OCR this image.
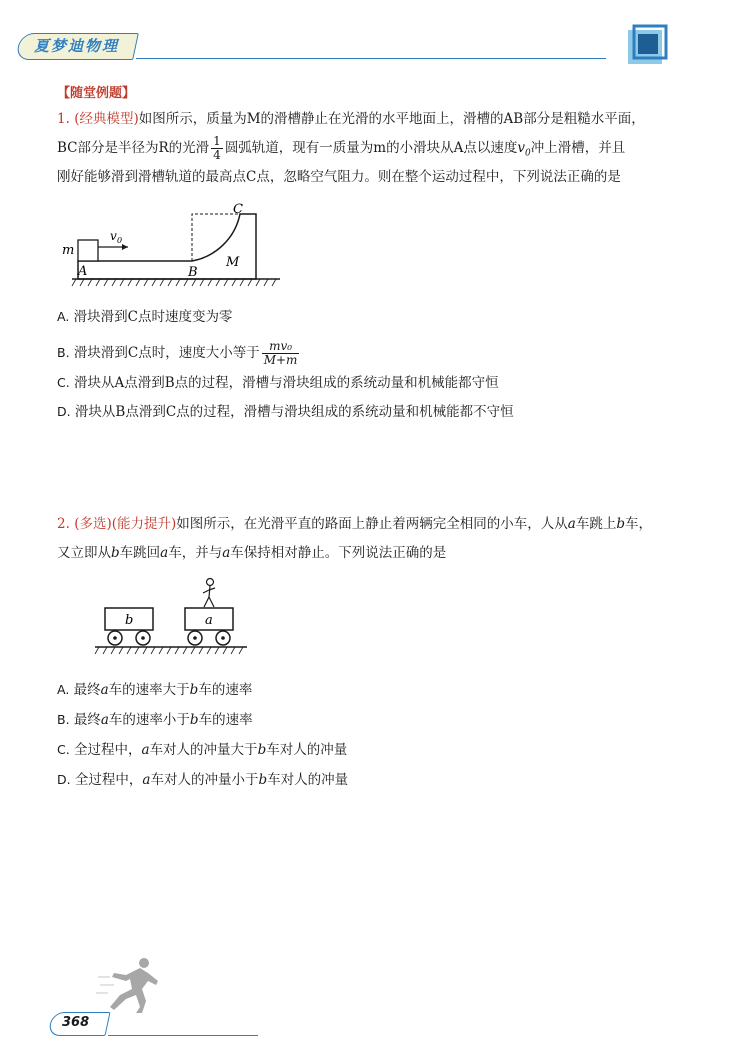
夏梦迪物理
【随堂例题】
1. (经典模型)如图所示，质量为M的滑槽静止在光滑的水平地面上，滑槽的AB部分是粗糙水平面，
BC部分是半径为R的光滑 $\frac{1}{4}$ 圆弧轨道，现有一质量为m的小滑块从A点以速度$v_0$冲上滑槽，并且
刚好能够滑到滑槽轨道的最高点C点，忽略空气阻力。则在整个运动过程中，下列说法正确的是
m
v 0
A	B
C
M
A. 滑块滑到C点时速度变为零
B. 滑块滑到C点时，速度大小等于 $\frac{\text{mv₀}}{M+m}$
C. 滑块从A点滑到B点的过程，滑槽与滑块组成的系统动量和机械能都守恒
D. 滑块从B点滑到C点的过程，滑槽与滑块组成的系统动量和机械能都不守恒
2. (多选)(能力提升)如图所示，在光滑平直的路面上静止着两辆完全相同的小车，人从a车跳上b车，
又立即从b车跳回a车，并与a车保持相对静止。下列说法正确的是
b	a
A. 最终a车的速率大于b车的速率
B. 最终a车的速率小于b车的速率
C. 全过程中，a车对人的冲量大于b车对人的冲量
D. 全过程中，a车对人的冲量小于b车对人的冲量
368
